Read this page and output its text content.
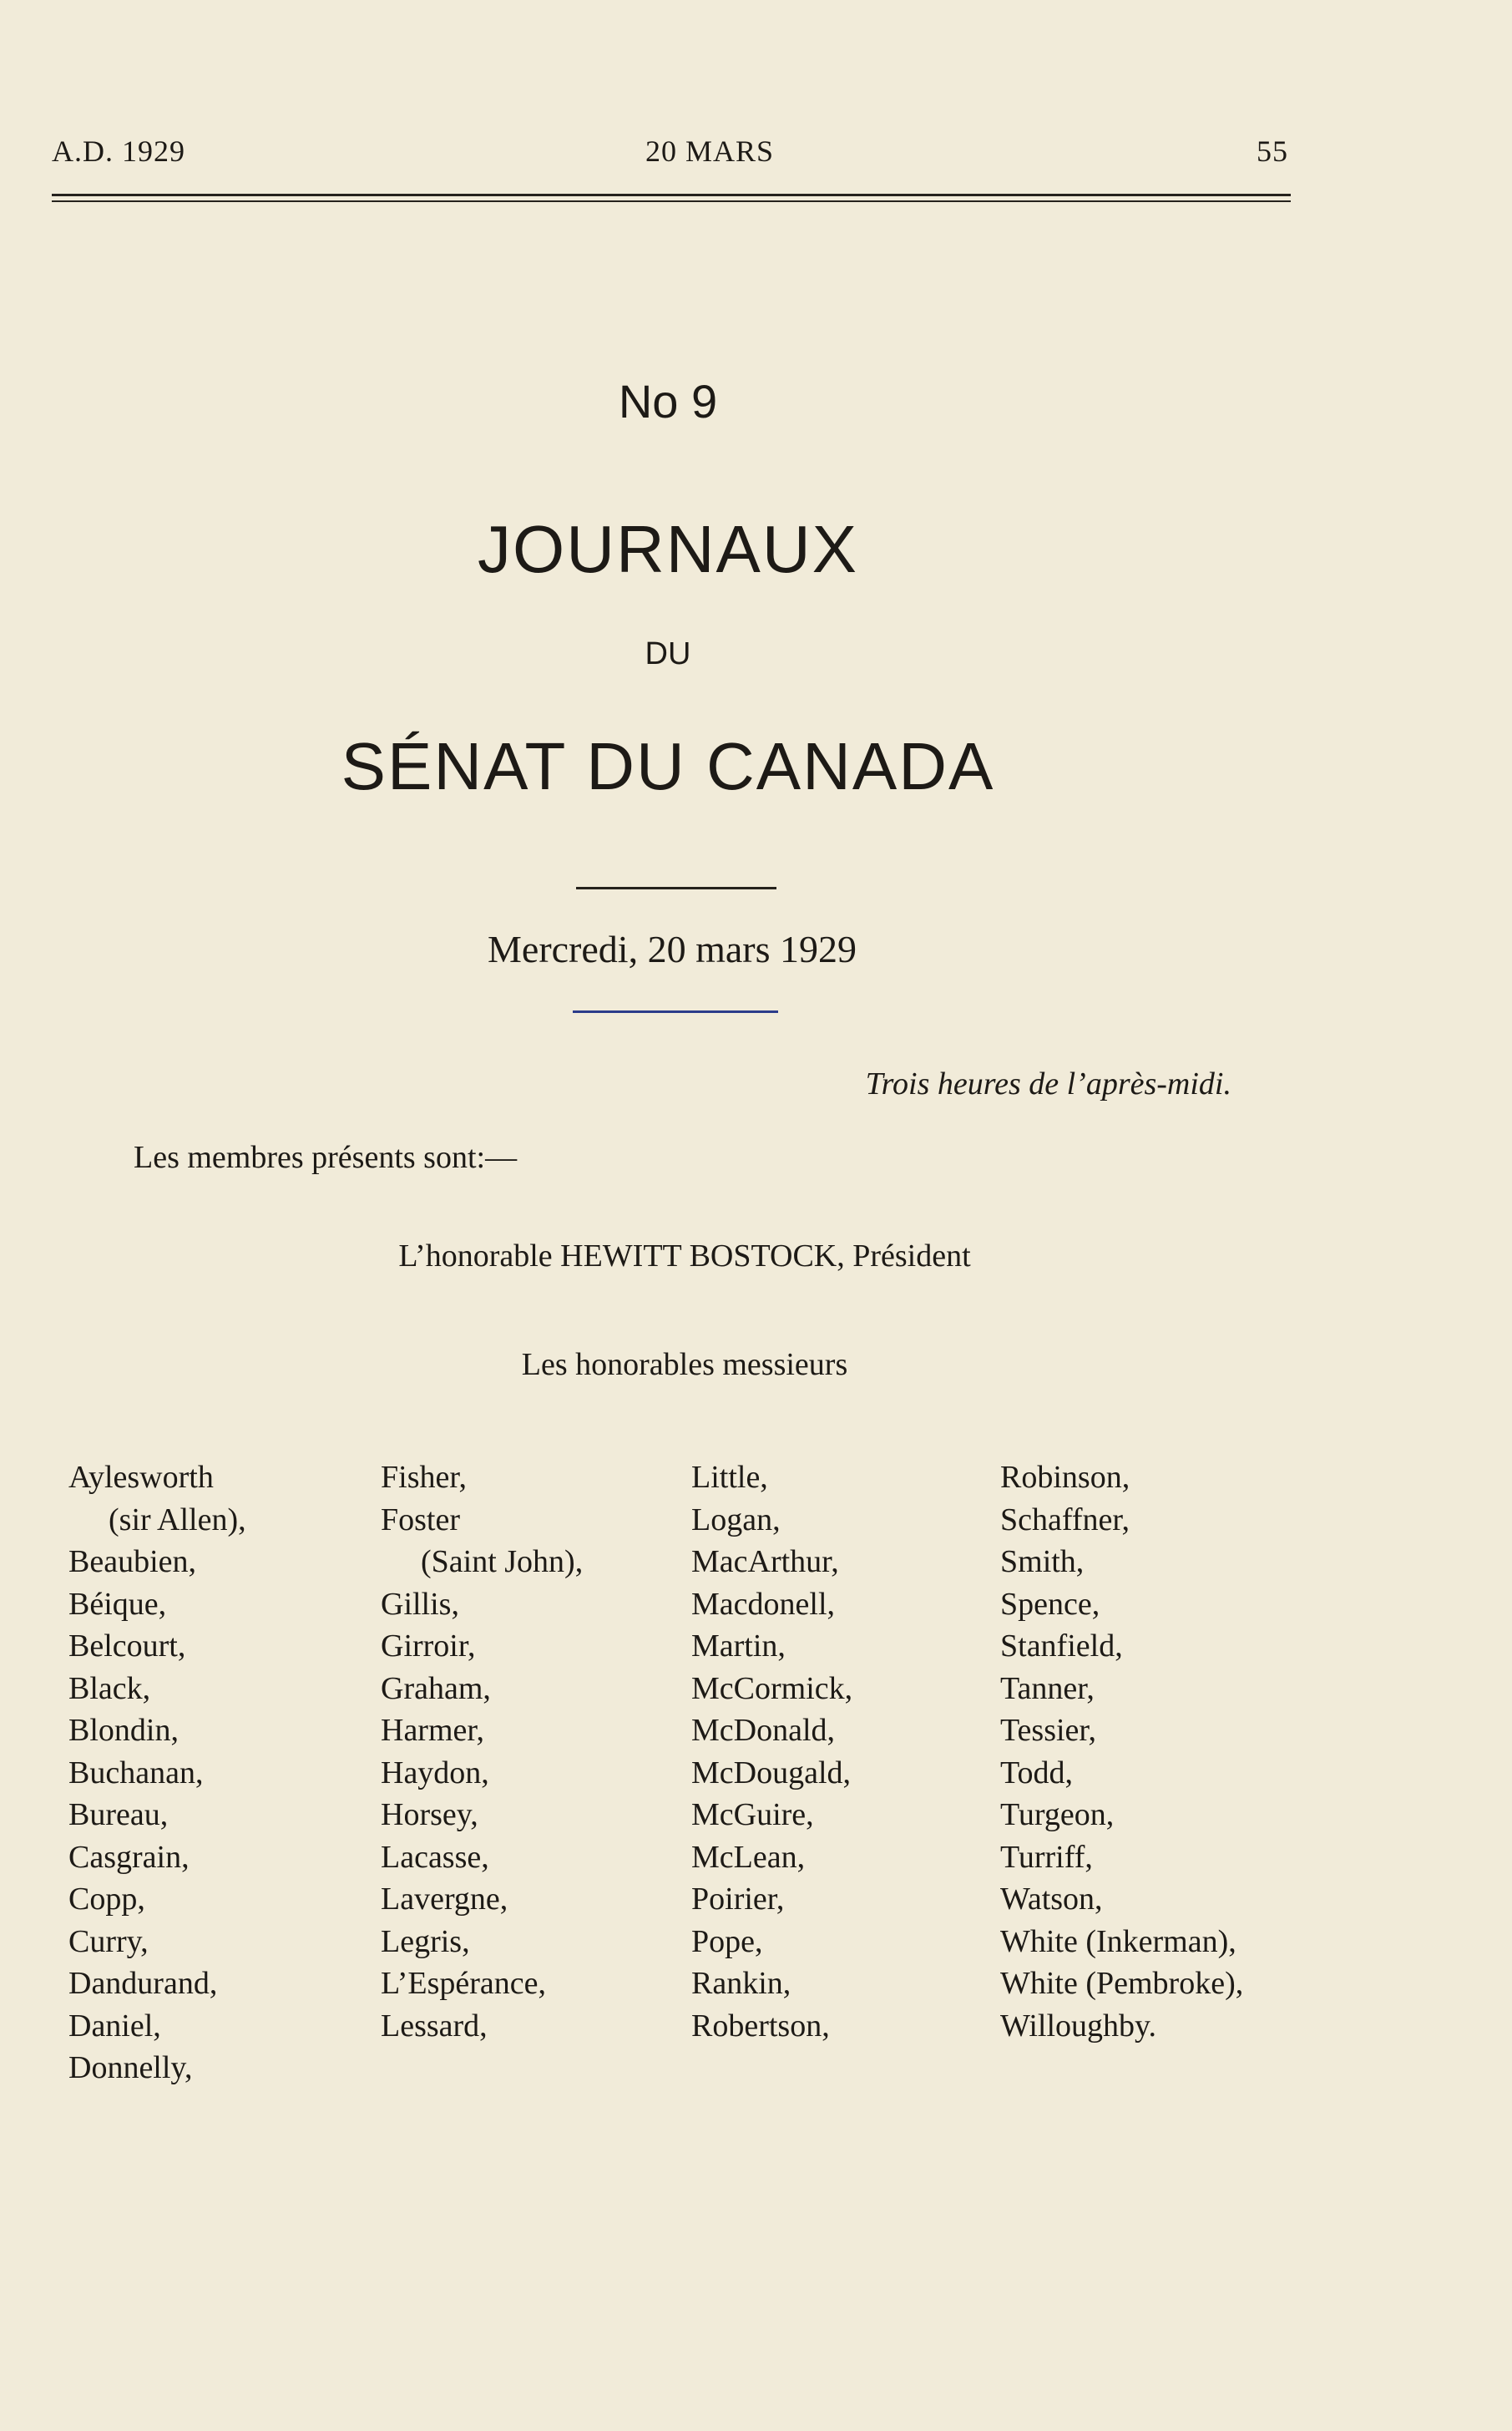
A.D. 1929	20 MARS	55
No 9
JOURNAUX
DU
SÉNAT DU CANADA
Mercredi, 20 mars 1929
Trois heures de l’après-midi.
Les membres présents sont:—
L’honorable HEWITT BOSTOCK, Président
Les honorables messieurs
Aylesworth
(sir Allen),
Beaubien,
Béique,
Belcourt,
Black,
Blondin,
Buchanan,
Bureau,
Casgrain,
Copp,
Curry,
Dandurand,
Daniel,
Donnelly,
Fisher,
Foster
(Saint John),
Gillis,
Girroir,
Graham,
Harmer,
Haydon,
Horsey,
Lacasse,
Lavergne,
Legris,
L’Espérance,
Lessard,
Little,
Logan,
MacArthur,
Macdonell,
Martin,
McCormick,
McDonald,
McDougald,
McGuire,
McLean,
Poirier,
Pope,
Rankin,
Robertson,
Robinson,
Schaffner,
Smith,
Spence,
Stanfield,
Tanner,
Tessier,
Todd,
Turgeon,
Turriff,
Watson,
White (Inkerman),
White (Pembroke),
Willoughby.
